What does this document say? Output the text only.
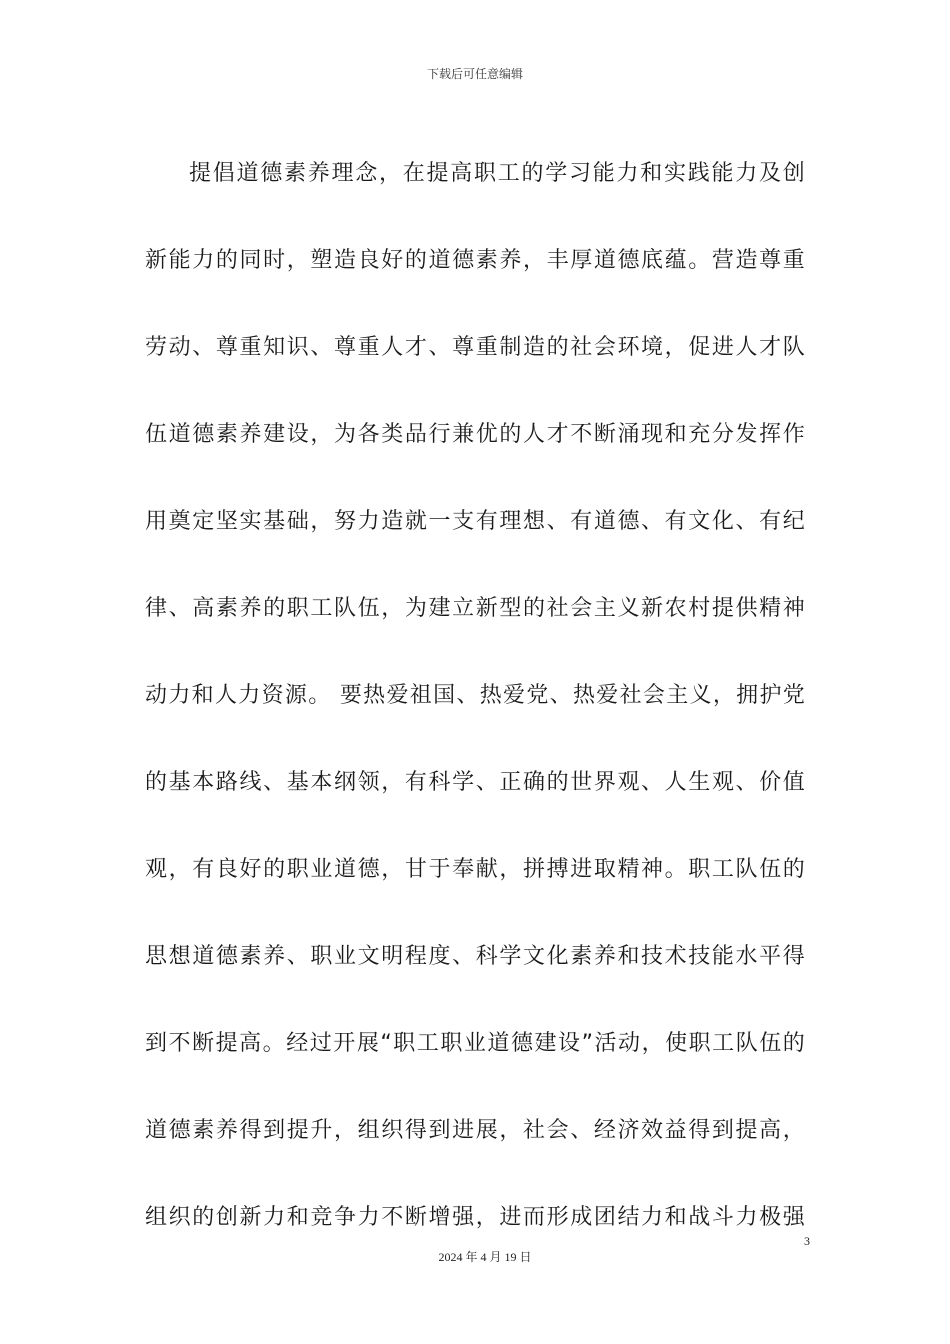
下载后可任意编辑
提倡道德素养理念，在提高职工的学习能力和实践能力及创
新能力的同时，塑造良好的道德素养，丰厚道德底蕴。营造尊重
劳动、尊重知识、尊重人才、尊重制造的社会环境，促进人才队
伍道德素养建设，为各类品行兼优的人才不断涌现和充分发挥作
用奠定坚实基础，努力造就一支有理想、有道德、有文化、有纪
律、高素养的职工队伍，为建立新型的社会主义新农村提供精神
动力和人力资源。 要热爱祖国、热爱党、热爱社会主义，拥护党
的基本路线、基本纲领，有科学、正确的世界观、人生观、价值
观，有良好的职业道德，甘于奉献，拼搏进取精神。职工队伍的
思想道德素养、职业文明程度、科学文化素养和技术技能水平得
到不断提高。经过开展“职工职业道德建设”活动，使职工队伍的
道德素养得到提升，组织得到进展，社会、经济效益得到提高，
组织的创新力和竞争力不断增强，进而形成团结力和战斗力极强
3
2024 年 4 月 19 日
